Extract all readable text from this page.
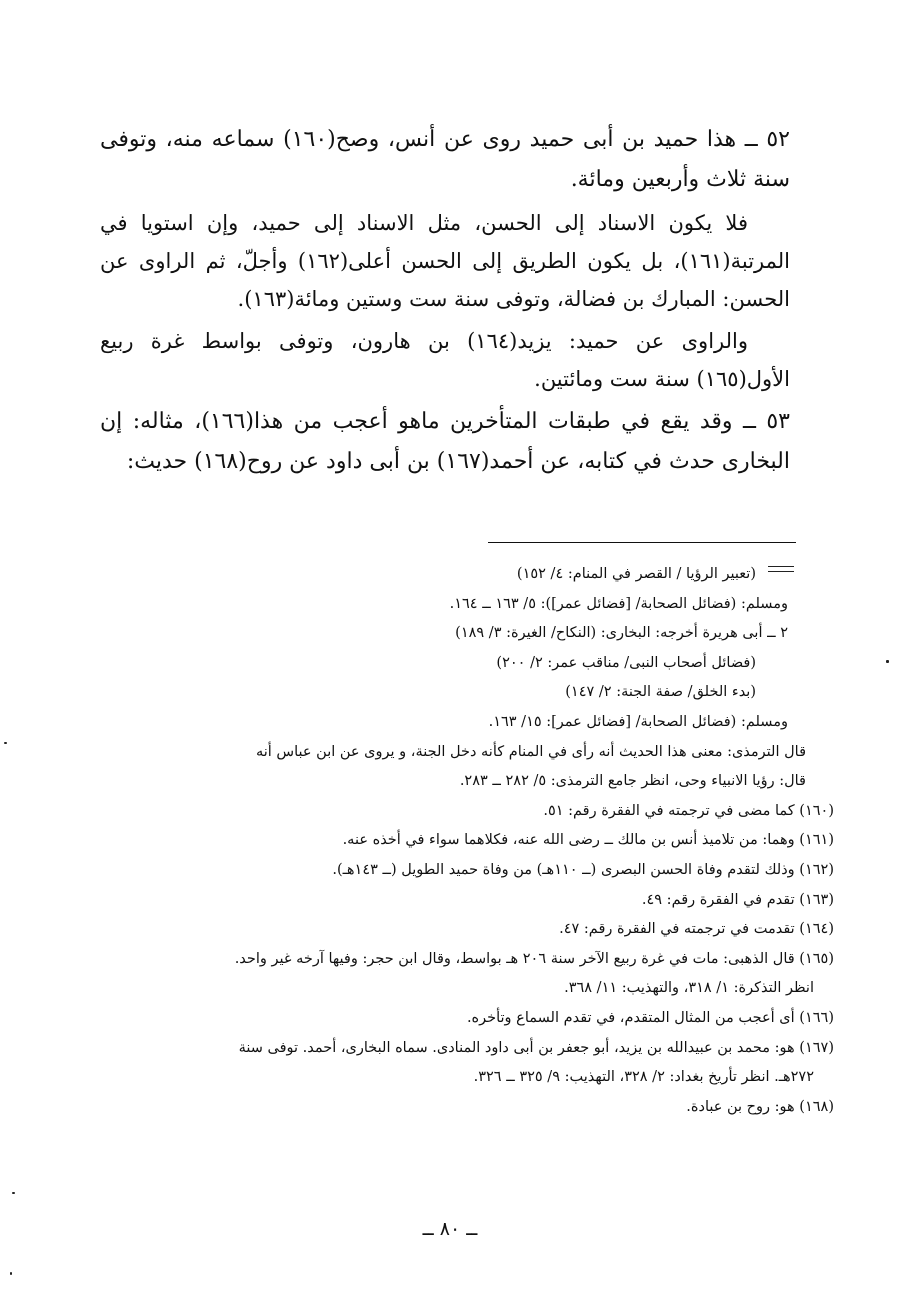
٥٢ ــ هذا حميد بن أبى حميد روى عن أنس، وصح(١٦٠) سماعه منه، وتوفى سنة ثلاث وأربعين ومائة.

فلا يكون الاسناد إلى الحسن، مثل الاسناد إلى حميد، وإن استويا في المرتبة(١٦١)، بل يكون الطريق إلى الحسن أعلى(١٦٢) وأجلّ، ثم الراوى عن الحسن: المبارك بن فضالة، وتوفى سنة ست وستين ومائة(١٦٣).

والراوى عن حميد: يزيد(١٦٤) بن هارون، وتوفى بواسط غرة ربيع الأول(١٦٥) سنة ست ومائتين.

٥٣ ــ وقد يقع في طبقات المتأخرين ماهو أعجب من هذا(١٦٦)، مثاله: إن البخارى حدث في كتابه، عن أحمد(١٦٧) بن أبى داود عن روح(١٦٨) حديث:

(تعبير الرؤيا / القصر في المنام: ٤/ ١٥٢)

ومسلم: (فضائل الصحابة/ [فضائل عمر]): ٥/ ١٦٣ ــ ١٦٤.

٢ ــ أبى هريرة أخرجه: البخارى: (النكاح/ الغيرة: ٣/ ١٨٩)

(فضائل أصحاب النبى/ مناقب عمر: ٢/ ٢٠٠)

(بدء الخلق/ صفة الجنة: ٢/ ١٤٧)

ومسلم: (فضائل الصحابة/ [فضائل عمر]: ١٥/ ١٦٣.

قال الترمذى: معنى هذا الحديث أنه رأى في المنام كأنه دخل الجنة، و يروى عن ابن عباس أنه

قال: رؤيا الانبياء وحى، انظر جامع الترمذى: ٥/ ٢٨٢ ــ ٢٨٣.

(١٦٠) كما مضى في ترجمته في الفقرة رقم: ٥١.

(١٦١) وهما: من تلاميذ أنس بن مالك ــ رضى الله عنه، فكلاهما سواء في أخذه عنه.

(١٦٢) وذلك لتقدم وفاة الحسن البصرى (ــ ١١٠هـ) من وفاة حميد الطويل (ــ ١٤٣هـ).

(١٦٣) تقدم في الفقرة رقم: ٤٩.

(١٦٤) تقدمت في ترجمته في الفقرة رقم: ٤٧.

(١٦٥) قال الذهبى: مات في غرة ربيع الآخر سنة ٢٠٦ هـ بواسط، وقال ابن حجر: وفيها آرخه غير واحد.

انظر التذكرة: ١/ ٣١٨، والتهذيب: ١١/ ٣٦٨.

(١٦٦) أى أعجب من المثال المتقدم، في تقدم السماع وتأخره.

(١٦٧) هو: محمد بن عبيدالله بن يزيد، أبو جعفر بن أبى داود المنادى. سماه البخارى، أحمد. توفى سنة

٢٧٢هـ. انظر تأريخ بغداد: ٢/ ٣٢٨، التهذيب: ٩/ ٣٢٥ ــ ٣٢٦.

(١٦٨) هو: روح بن عبادة.

ــ ٨٠ ــ
